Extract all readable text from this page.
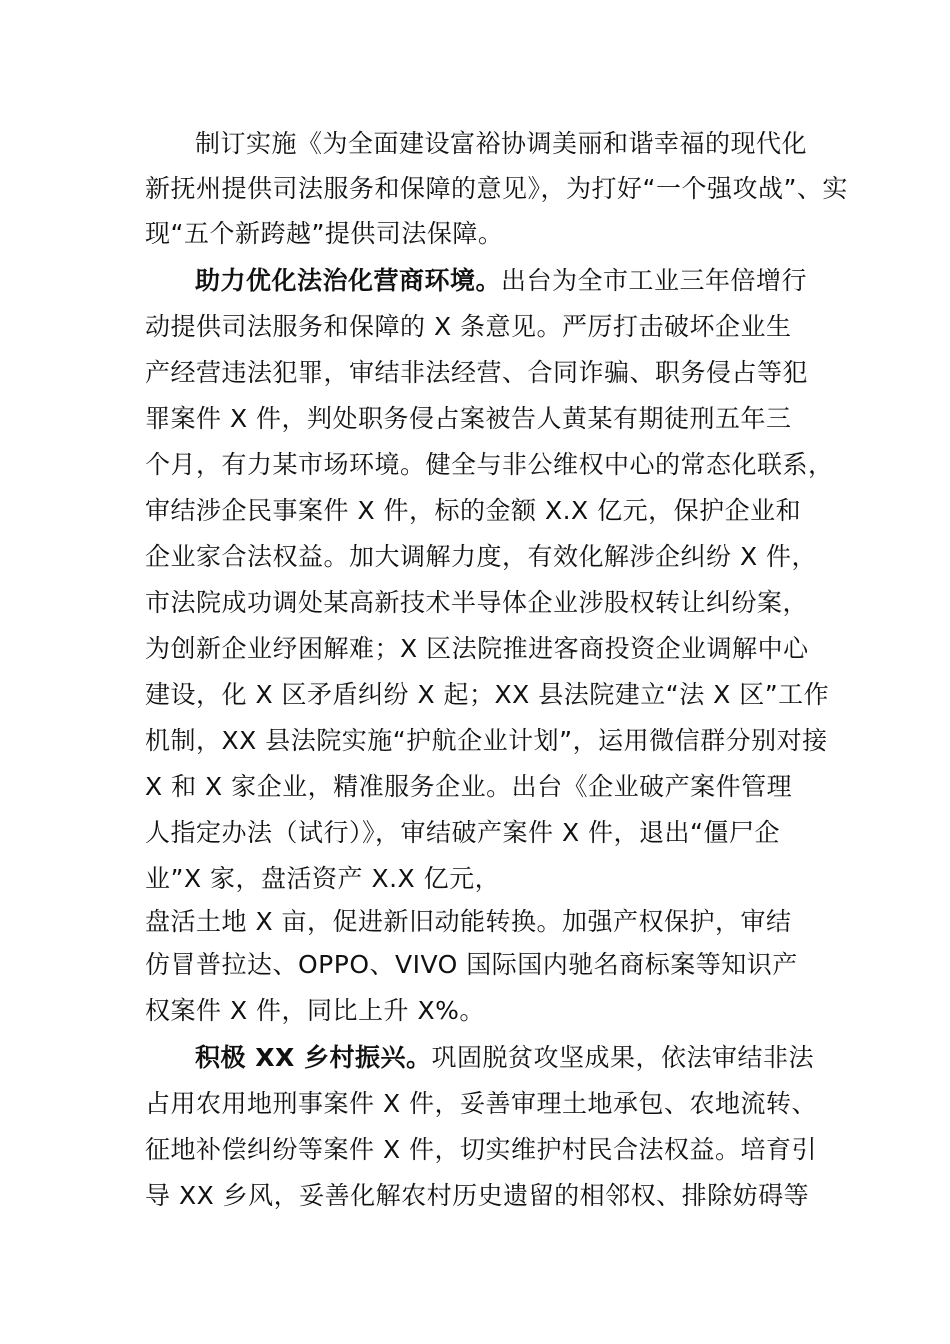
制订实施《为全面建设富裕协调美丽和谐幸福的现代化
新抚州提供司法服务和保障的意见》，为打好“一个强攻战”、实
现“五个新跨越”提供司法保障。
助力优化法治化营商环境。出台为全市工业三年倍增行
动提供司法服务和保障的 X 条意见。严厉打击破坏企业生
产经营违法犯罪，审结非法经营、合同诈骗、职务侵占等犯
罪案件 X 件，判处职务侵占案被告人黄某有期徒刑五年三
个月，有力某市场环境。健全与非公维权中心的常态化联系，
审结涉企民事案件 X 件，标的金额 X.X 亿元，保护企业和
企业家合法权益。加大调解力度，有效化解涉企纠纷 X 件，
市法院成功调处某高新技术半导体企业涉股权转让纠纷案，
为创新企业纾困解难；X 区法院推进客商投资企业调解中心
建设，化 X 区矛盾纠纷 X 起；XX 县法院建立“法 X 区”工作
机制，XX 县法院实施“护航企业计划”，运用微信群分别对接
X 和 X 家企业，精准服务企业。出台《企业破产案件管理
人指定办法（试行）》，审结破产案件 X 件，退出“僵尸企
业”X 家，盘活资产 X.X 亿元，
盘活土地 X 亩，促进新旧动能转换。加强产权保护，审结
仿冒普拉达、OPPO、VIVO 国际国内驰名商标案等知识产
权案件 X 件，同比上升 X%。
积极 XX 乡村振兴。巩固脱贫攻坚成果，依法审结非法
占用农用地刑事案件 X 件，妥善审理土地承包、农地流转、
征地补偿纠纷等案件 X 件，切实维护村民合法权益。培育引
导 XX 乡风，妥善化解农村历史遗留的相邻权、排除妨碍等
